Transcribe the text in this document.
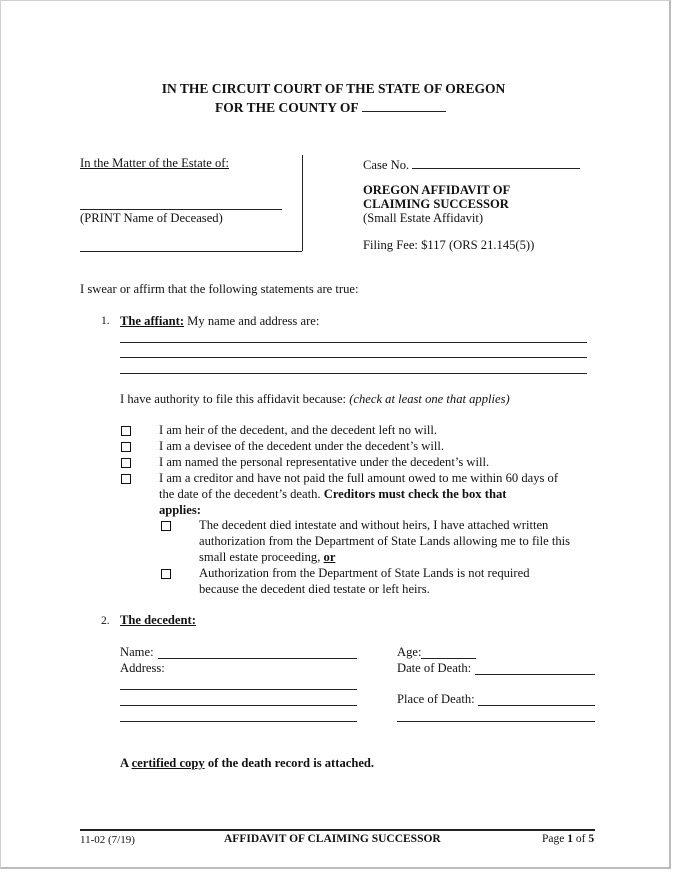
IN THE CIRCUIT COURT OF THE STATE OF OREGON
FOR THE COUNTY OF
In the Matter of the Estate of:
(PRINT Name of Deceased)
Case No.
OREGON AFFIDAVIT OF
CLAIMING SUCCESSOR
(Small Estate Affidavit)
Filing Fee: $117 (ORS 21.145(5))
I swear or affirm that the following statements are true:
1. The affiant: My name and address are:
I have authority to file this affidavit because: (check at least one that applies)
I am heir of the decedent, and the decedent left no will.
I am a devisee of the decedent under the decedent’s will.
I am named the personal representative under the decedent’s will.
I am a creditor and have not paid the full amount owed to me within 60 days of
the date of the decedent’s death. Creditors must check the box that
applies:
The decedent died intestate and without heirs, I have attached written
authorization from the Department of State Lands allowing me to file this
small estate proceeding, or
Authorization from the Department of State Lands is not required
because the decedent died testate or left heirs.
2. The decedent:
Name:
Address:
Age:
Date of Death:
Place of Death:
A certified copy of the death record is attached.
11-02 (7/19)	AFFIDAVIT OF CLAIMING SUCCESSOR	Page 1 of 5
